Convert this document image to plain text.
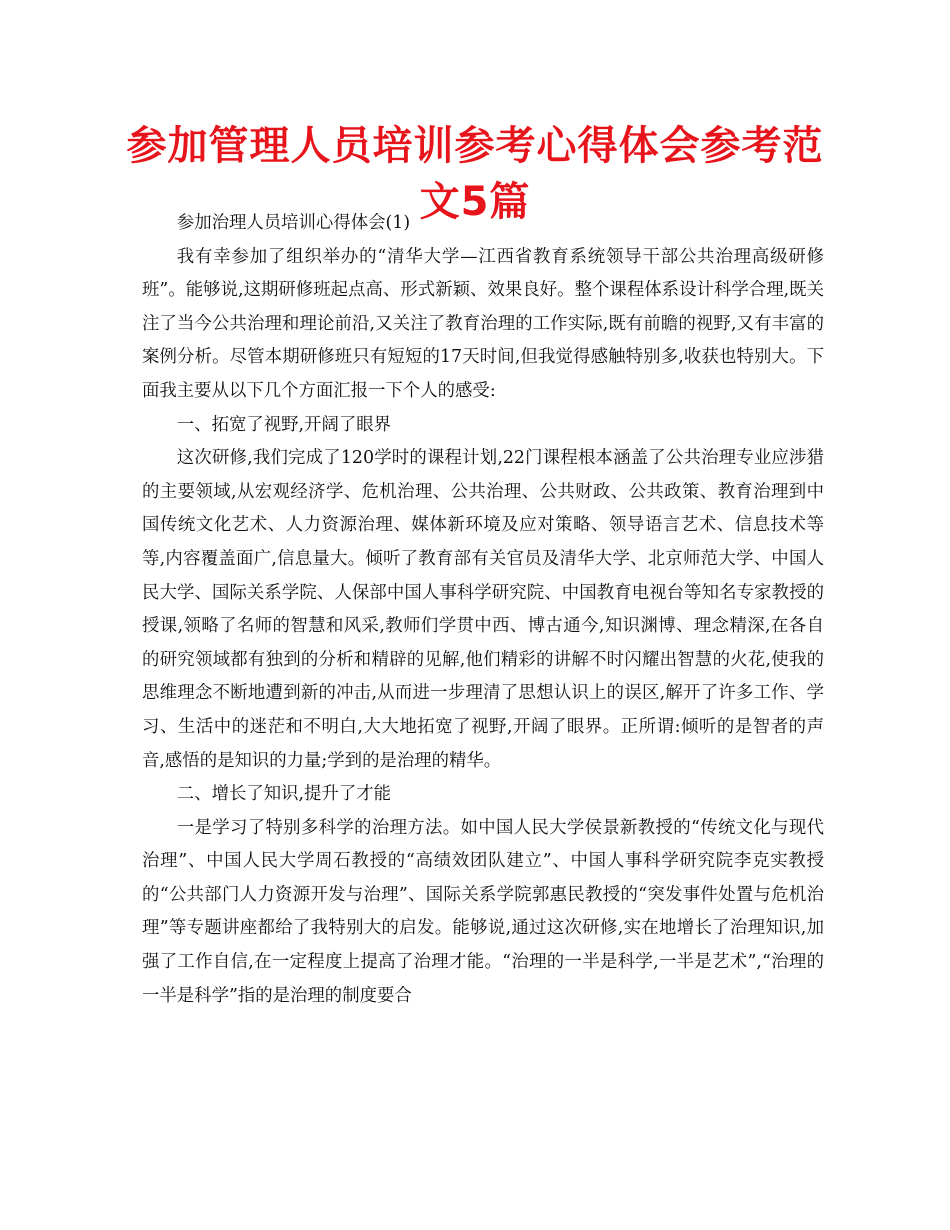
参加管理人员培训参考心得体会参考范文5篇

参加治理人员培训心得体会(1)

我有幸参加了组织举办的“清华大学—江西省教育系统领导干部公共治理高级研修班”。能够说,这期研修班起点高、形式新颖、效果良好。整个课程体系设计科学合理,既关注了当今公共治理和理论前沿,又关注了教育治理的工作实际,既有前瞻的视野,又有丰富的案例分析。尽管本期研修班只有短短的17天时间,但我觉得感触特别多,收获也特别大。下面我主要从以下几个方面汇报一下个人的感受:

一、拓宽了视野,开阔了眼界

这次研修,我们完成了120学时的课程计划,22门课程根本涵盖了公共治理专业应涉猎的主要领域,从宏观经济学、危机治理、公共治理、公共财政、公共政策、教育治理到中国传统文化艺术、人力资源治理、媒体新环境及应对策略、领导语言艺术、信息技术等等,内容覆盖面广,信息量大。倾听了教育部有关官员及清华大学、北京师范大学、中国人民大学、国际关系学院、人保部中国人事科学研究院、中国教育电视台等知名专家教授的授课,领略了名师的智慧和风采,教师们学贯中西、博古通今,知识渊博、理念精深,在各自的研究领域都有独到的分析和精辟的见解,他们精彩的讲解不时闪耀出智慧的火花,使我的思维理念不断地遭到新的冲击,从而进一步理清了思想认识上的误区,解开了许多工作、学习、生活中的迷茫和不明白,大大地拓宽了视野,开阔了眼界。正所谓:倾听的是智者的声音,感悟的是知识的力量;学到的是治理的精华。

二、增长了知识,提升了才能

一是学习了特别多科学的治理方法。如中国人民大学侯景新教授的“传统文化与现代治理”、中国人民大学周石教授的“高绩效团队建立”、中国人事科学研究院李克实教授的“公共部门人力资源开发与治理”、国际关系学院郭惠民教授的“突发事件处置与危机治理”等专题讲座都给了我特别大的启发。能够说,通过这次研修,实在地增长了治理知识,加强了工作自信,在一定程度上提高了治理才能。“治理的一半是科学,一半是艺术”,“治理的一半是科学”指的是治理的制度要合
